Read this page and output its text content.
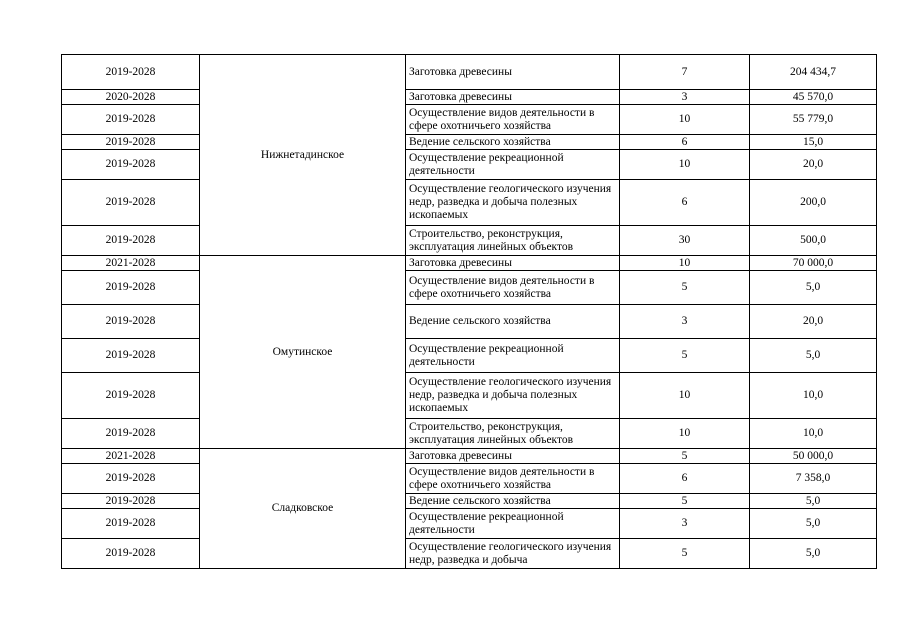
2019-2028	Нижнетадинское	Заготовка древесины	7	204 434,7
2020-2028		Заготовка древесины	3	45 570,0
2019-2028		Осуществление видов деятельности в сфере охотничьего хозяйства	10	55 779,0
2019-2028		Ведение сельского хозяйства	6	15,0
2019-2028		Осуществление рекреационной деятельности	10	20,0
2019-2028		Осуществление геологического изучения недр, разведка и добыча полезных ископаемых	6	200,0
2019-2028		Строительство, реконструкция, эксплуатация линейных объектов	30	500,0
2021-2028	Омутинское	Заготовка древесины	10	70 000,0
2019-2028		Осуществление видов деятельности в сфере охотничьего хозяйства	5	5,0
2019-2028		Ведение сельского хозяйства	3	20,0
2019-2028		Осуществление рекреационной деятельности	5	5,0
2019-2028		Осуществление геологического изучения недр, разведка и добыча полезных ископаемых	10	10,0
2019-2028		Строительство, реконструкция, эксплуатация линейных объектов	10	10,0
2021-2028	Сладковское	Заготовка древесины	5	50 000,0
2019-2028		Осуществление видов деятельности в сфере охотничьего хозяйства	6	7 358,0
2019-2028		Ведение сельского хозяйства	5	5,0
2019-2028		Осуществление рекреационной деятельности	3	5,0
2019-2028		Осуществление геологического изучения недр, разведка и добыча	5	5,0
